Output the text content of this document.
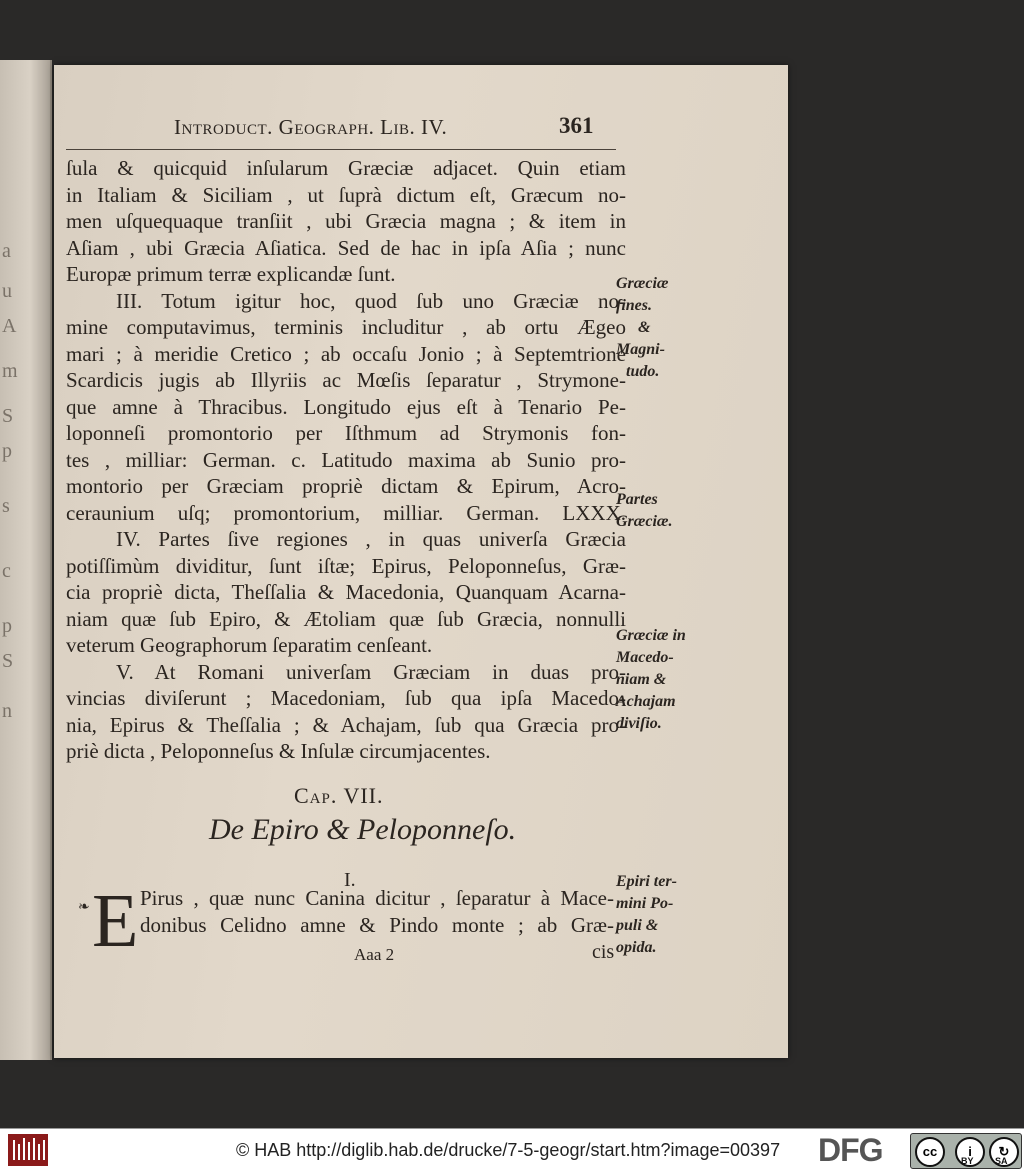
a
u
A
m
S
p
s
c
p
S
n
Introduct. Geograph. Lib. IV.	361
ſula & quicquid inſularum Græciæ adjacet. Quin etiam
in Italiam & Siciliam , ut ſuprà dictum eſt, Græcum no-
men uſquequaque tranſiit , ubi Græcia magna ; & item in
Aſiam , ubi Græcia Aſiatica. Sed de hac in ipſa Aſia ; nunc
Europæ primum terræ explicandæ ſunt.
III. Totum igitur hoc, quod ſub uno Græciæ no-
mine computavimus, terminis includitur , ab ortu Ægeo
mari ; à meridie Cretico ; ab occaſu Jonio ; à Septemtrione
Scardicis jugis ab Illyriis ac Mœſis ſeparatur , Strymone-
que amne à Thracibus. Longitudo ejus eſt à Tenario Pe-
loponneſi promontorio per Iſthmum ad Strymonis fon-
tes , milliar: German. c. Latitudo maxima ab Sunio pro-
montorio per Græciam propriè dictam & Epirum, Acro-
ceraunium uſq; promontorium, milliar. German. LXXX.
IV. Partes ſive regiones , in quas univerſa Græcia
potiſſimùm dividitur, ſunt iſtæ; Epirus, Peloponneſus, Græ-
cia propriè dicta, Theſſalia & Macedonia, Quanquam Acarna-
niam quæ ſub Epiro, & Ætoliam quæ ſub Græcia, nonnulli
veterum Geographorum ſeparatim cenſeant.
V. At Romani univerſam Græciam in duas pro-
vincias diviſerunt ; Macedoniam, ſub qua ipſa Macedo-
nia, Epirus & Theſſalia ; & Achajam, ſub qua Græcia pro-
priè dicta , Peloponneſus & Inſulæ circumjacentes.
Græciæ
fines.
&
Magni-
tudo.
Partes
Græciæ.
Græciæ in
Macedo-
niam &
Achajam
diviſio.
Epiri ter-
mini Po-
puli &
opida.
Cap. VII.
De Epiro & Peloponneſo.
I.
❧ E Pirus , quæ nunc Canina dicitur , ſeparatur à Mace-
donibus Celidno amne & Pindo monte ; ab Græ-
Aaa 2	cis
© HAB http://diglib.hab.de/drucke/7-5-geogr/start.htm?image=00397 DFG	cc	i	↻
BY SA
